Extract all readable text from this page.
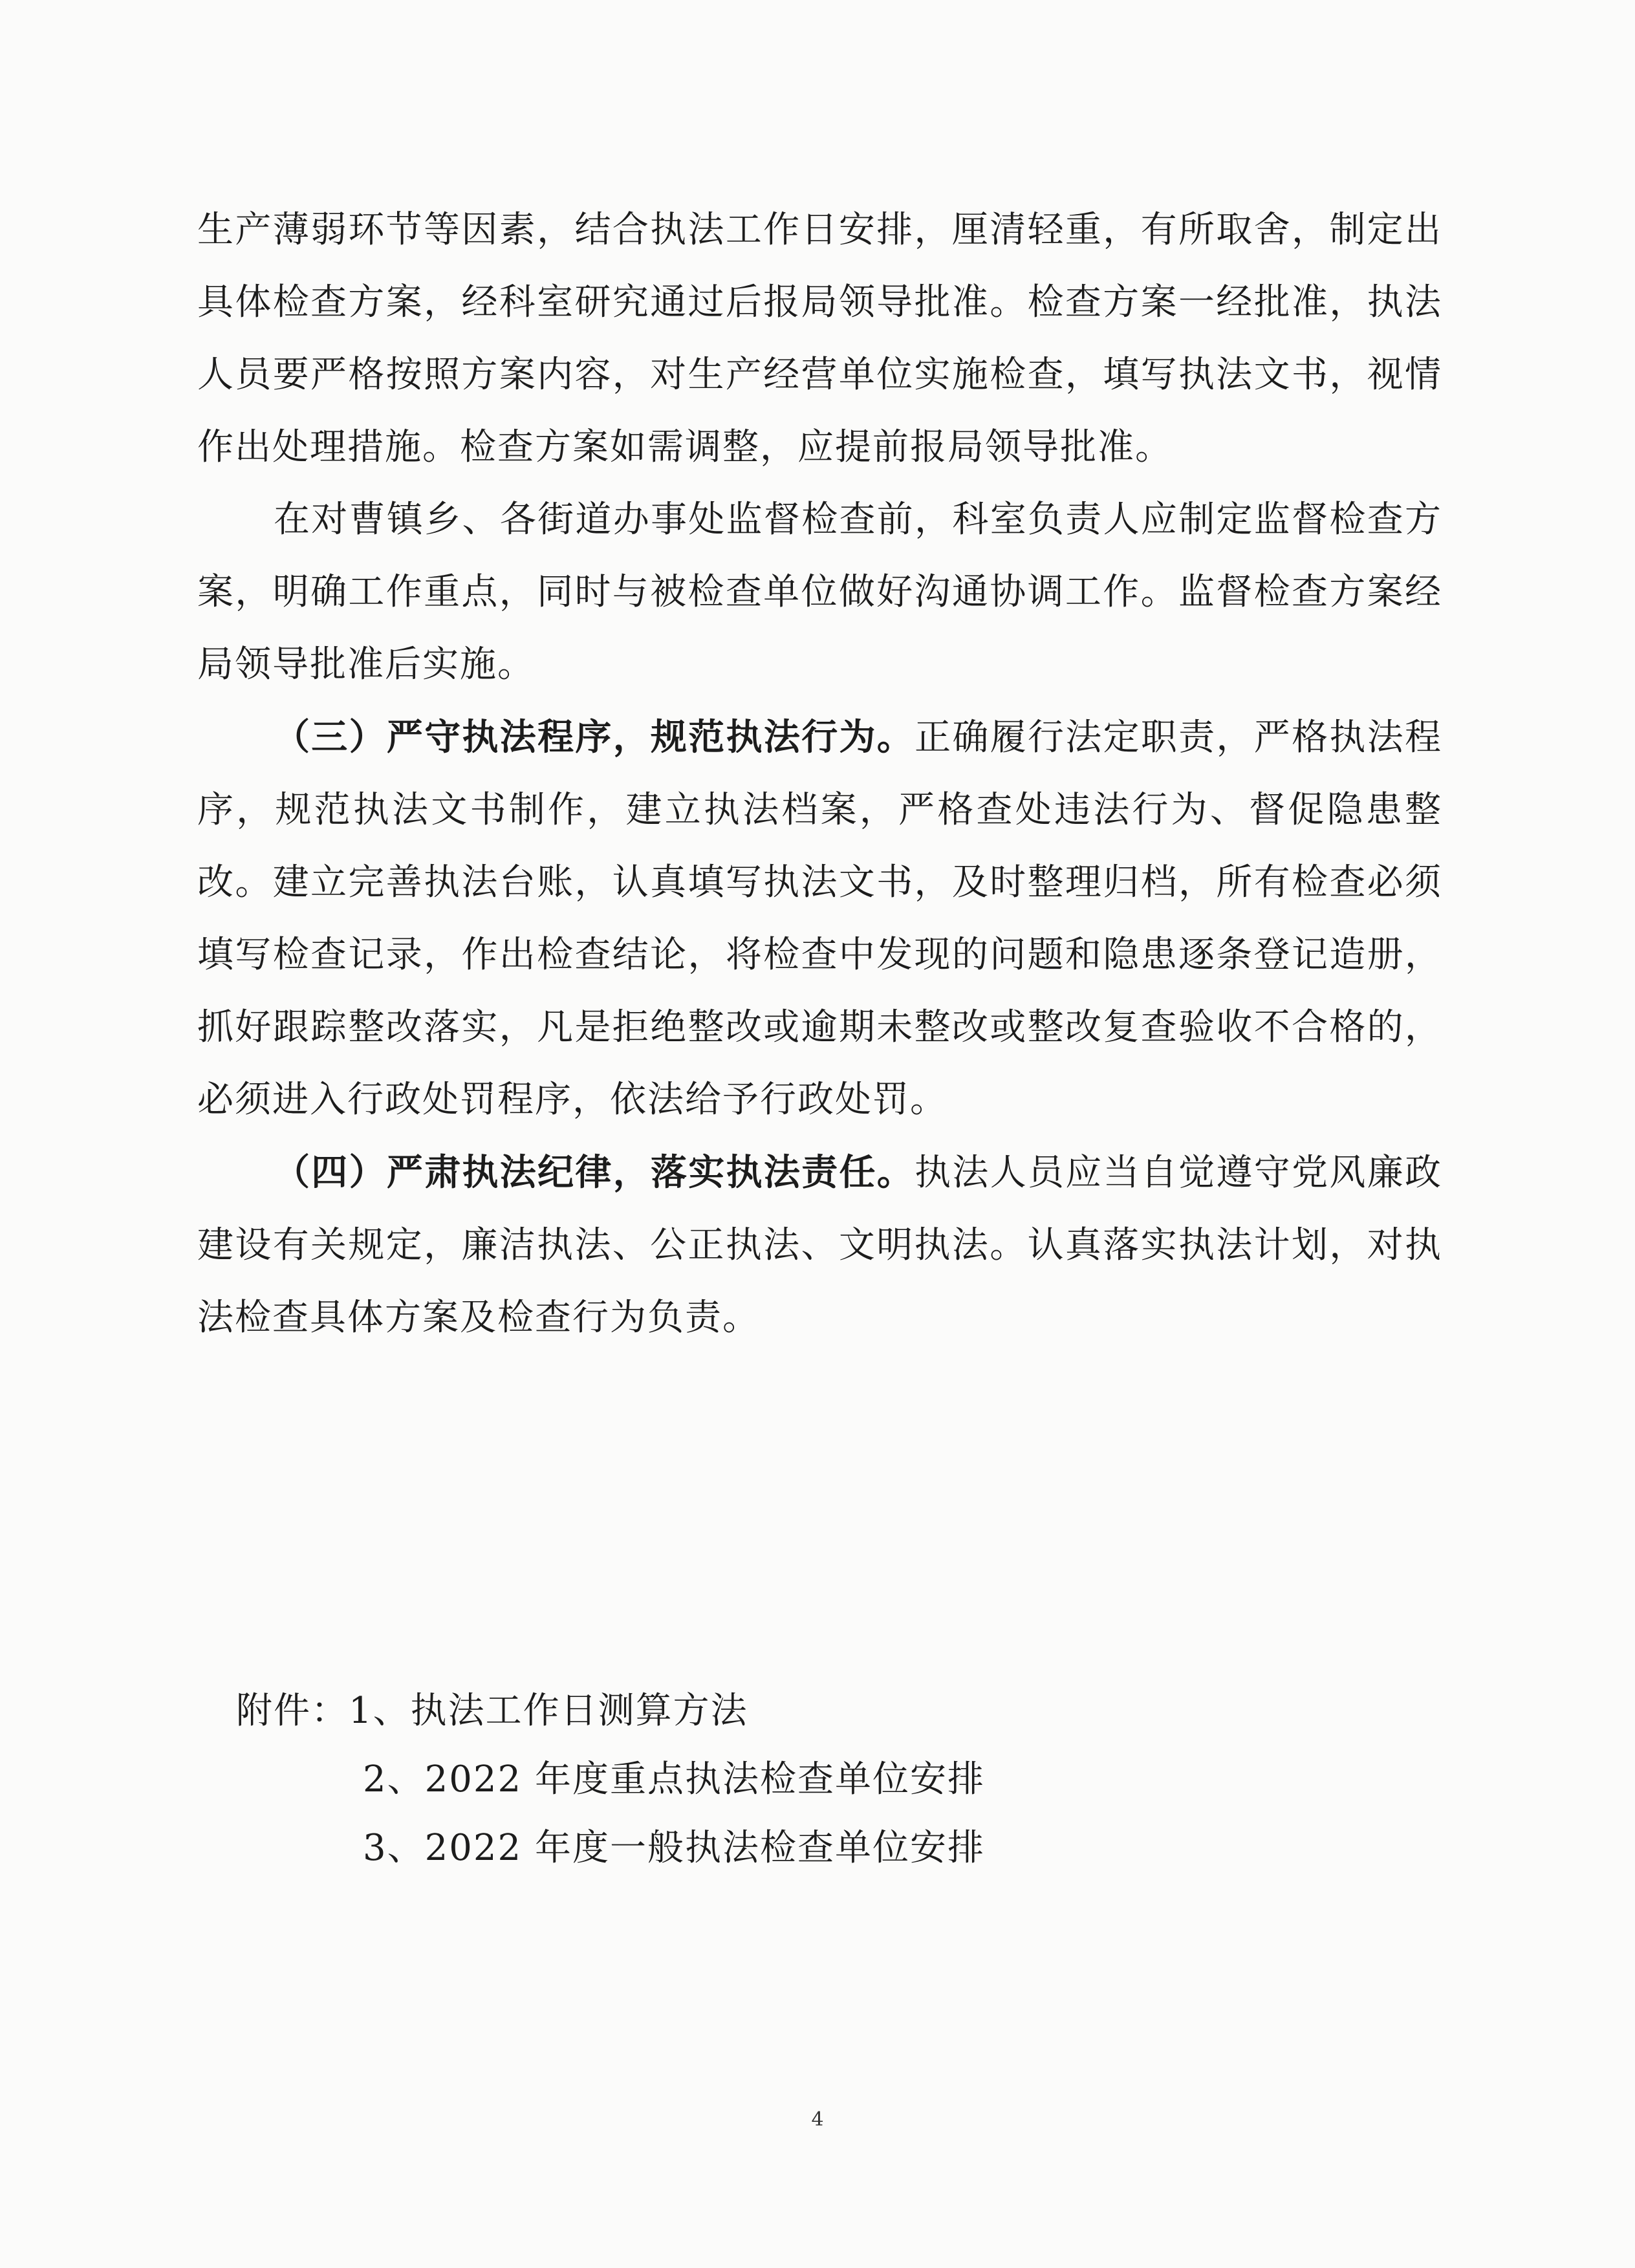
生产薄弱环节等因素，结合执法工作日安排，厘清轻重，有所取舍，制定出具体检查方案，经科室研究通过后报局领导批准。检查方案一经批准，执法人员要严格按照方案内容，对生产经营单位实施检查，填写执法文书，视情作出处理措施。检查方案如需调整，应提前报局领导批准。

在对曹镇乡、各街道办事处监督检查前，科室负责人应制定监督检查方案，明确工作重点，同时与被检查单位做好沟通协调工作。监督检查方案经局领导批准后实施。

（三）严守执法程序，规范执法行为。正确履行法定职责，严格执法程序，规范执法文书制作，建立执法档案，严格查处违法行为、督促隐患整改。建立完善执法台账，认真填写执法文书，及时整理归档，所有检查必须填写检查记录，作出检查结论，将检查中发现的问题和隐患逐条登记造册，抓好跟踪整改落实，凡是拒绝整改或逾期未整改或整改复查验收不合格的，必须进入行政处罚程序，依法给予行政处罚。

（四）严肃执法纪律，落实执法责任。执法人员应当自觉遵守党风廉政建设有关规定，廉洁执法、公正执法、文明执法。认真落实执法计划，对执法检查具体方案及检查行为负责。

附件：1、执法工作日测算方法
2、2022 年度重点执法检查单位安排
3、2022 年度一般执法检查单位安排
4
